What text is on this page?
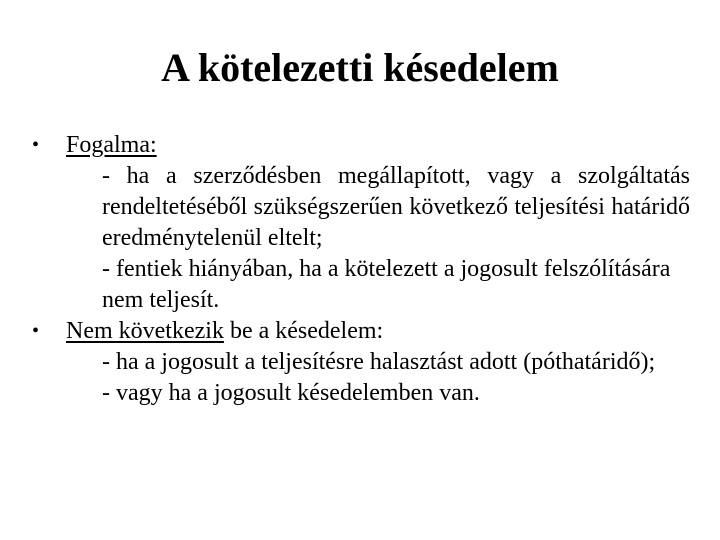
A kötelezetti késedelem
•
Fogalma:
- ha a szerződésben megállapított, vagy a szolgáltatás rendeltetéséből szükségszerűen következő teljesítési határidő eredménytelenül eltelt;
- fentiek hiányában, ha a kötelezett a jogosult felszólítására nem teljesít.
•
Nem következik be a késedelem:
- ha a jogosult a teljesítésre halasztást adott (póthatáridő);
- vagy ha a jogosult késedelemben van.
